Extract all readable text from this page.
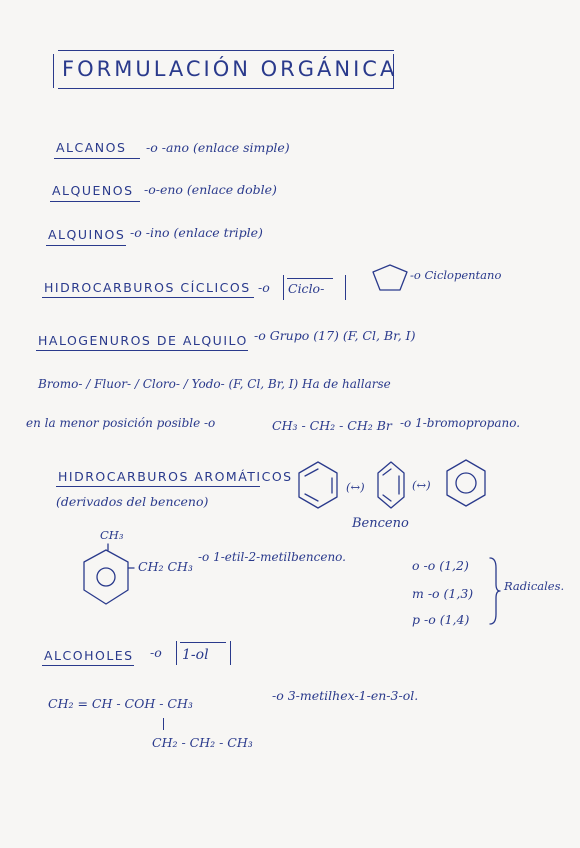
FORMULACIÓN ORGÁNICA
ALCANOS -o -ano (enlace simple)
ALQUENOS -o-eno (enlace doble)
ALQUINOS -o -ino (enlace triple)
HIDROCARBUROS CÍCLICOS -o Ciclo-
-o Ciclopentano
HALOGENUROS DE ALQUILO -o Grupo (17) (F, Cl, Br, I)
Bromo- / Fluor- / Cloro- / Yodo- (F, Cl, Br, I) Ha de hallarse
en la menor posición posible -o	CH₃ - CH₂ - CH₂ Br -o 1-bromopropano.
HIDROCARBUROS AROMÁTICOS
(derivados del benceno)
(↔)	(↔)
Benceno
CH₃
CH₂ CH₃
-o 1-etil-2-metilbenceno.
o -o (1,2)
m -o (1,3)
p -o (1,4)
Radicales.
ALCOHOLES -o 1-ol
CH₂ = CH - COH - CH₃
CH₂ - CH₂ - CH₃
-o 3-metilhex-1-en-3-ol.
